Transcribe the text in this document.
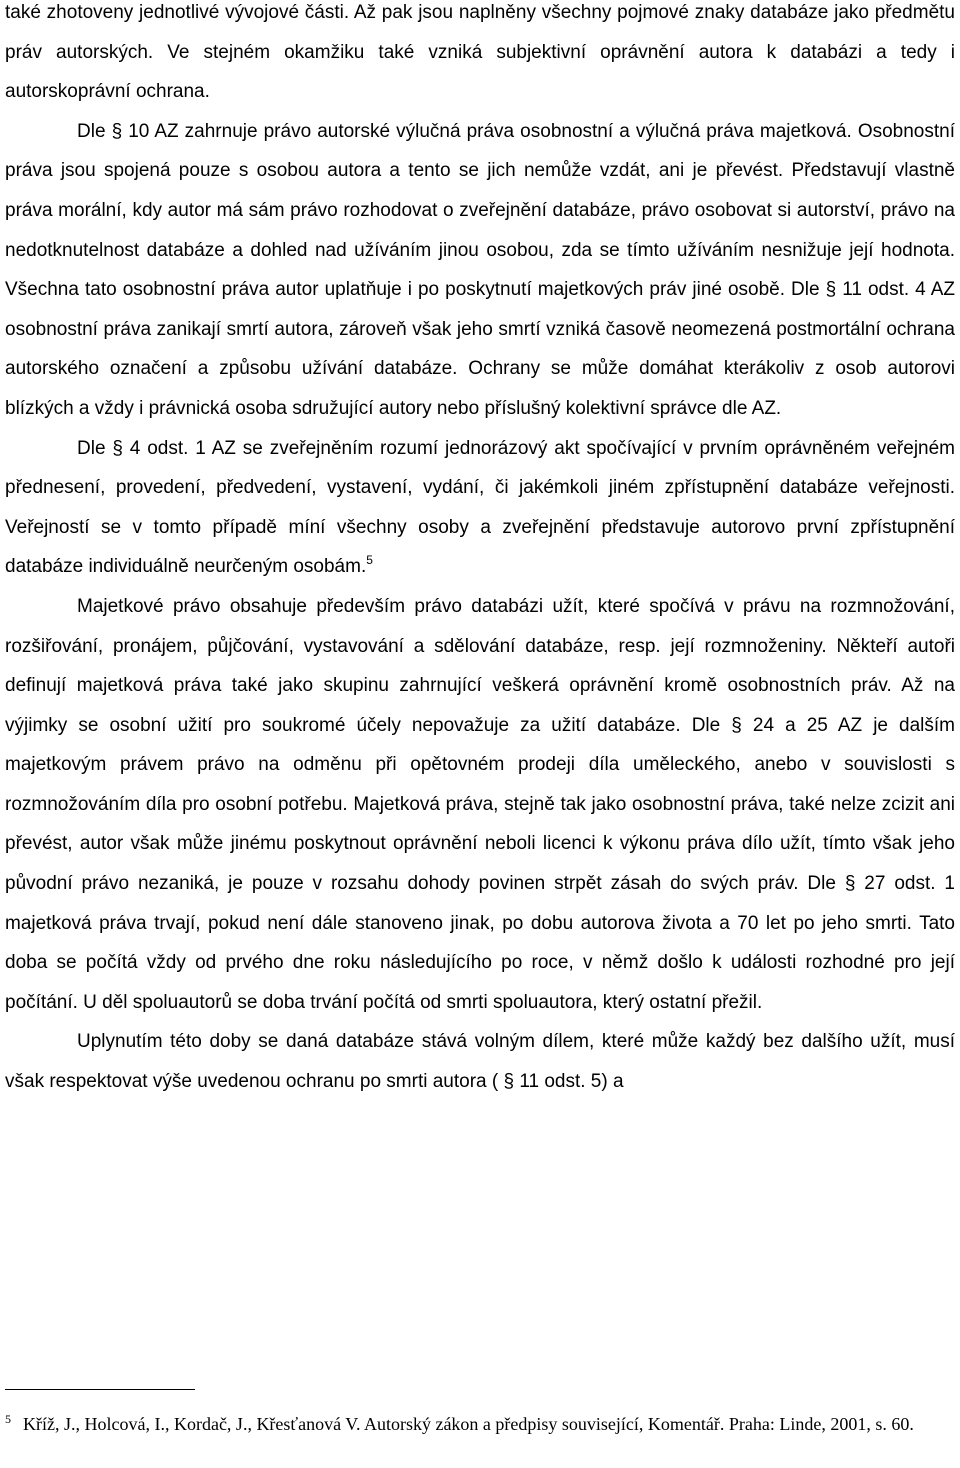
také zhotoveny jednotlivé vývojové části. Až pak jsou naplněny všechny pojmové znaky databáze jako předmětu práv autorských. Ve stejném okamžiku také vzniká subjektivní oprávnění autora k databázi a tedy i autorskoprávní ochrana.

Dle § 10 AZ zahrnuje právo autorské výlučná práva osobnostní a výlučná práva majetková. Osobnostní práva jsou spojená pouze s osobou autora a tento se jich nemůže vzdát, ani je převést. Představují vlastně práva morální, kdy autor má sám právo rozhodovat o zveřejnění databáze, právo osobovat si autorství, právo na nedotknutelnost databáze a dohled nad užíváním jinou osobou, zda se tímto užíváním nesnižuje její hodnota. Všechna tato osobnostní práva autor uplatňuje i po poskytnutí majetkových práv jiné osobě. Dle § 11 odst. 4 AZ osobnostní práva zanikají smrtí autora, zároveň však jeho smrtí vzniká časově neomezená postmortální ochrana autorského označení a způsobu užívání databáze. Ochrany se může domáhat kterákoliv z osob autorovi blízkých a vždy i právnická osoba sdružující autory nebo příslušný kolektivní správce dle AZ.

Dle § 4 odst. 1 AZ se zveřejněním rozumí jednorázový akt spočívající v prvním oprávněném veřejném přednesení, provedení, předvedení, vystavení, vydání, či jakémkoli jiném zpřístupnění databáze veřejnosti. Veřejností se v tomto případě míní všechny osoby a zveřejnění představuje autorovo první zpřístupnění databáze individuálně neurčeným osobám.$^5$

Majetkové právo obsahuje především právo databázi užít, které spočívá v právu na rozmnožování, rozšiřování, pronájem, půjčování, vystavování a sdělování databáze, resp. její rozmnoženiny. Někteří autoři definují majetková práva také jako skupinu zahrnující veškerá oprávnění kromě osobnostních práv. Až na výjimky se osobní užití pro soukromé účely nepovažuje za užití databáze. Dle § 24 a 25 AZ je dalším majetkovým právem právo na odměnu při opětovném prodeji díla uměleckého, anebo v souvislosti s rozmnožováním díla pro osobní potřebu. Majetková práva, stejně tak jako osobnostní práva, také nelze zcizit ani převést, autor však může jinému poskytnout oprávnění neboli licenci k výkonu práva dílo užít, tímto však jeho původní právo nezaniká, je pouze v rozsahu dohody povinen strpět zásah do svých práv. Dle § 27 odst. 1 majetková práva trvají, pokud není dále stanoveno jinak, po dobu autorova života a 70 let po jeho smrti. Tato doba se počítá vždy od prvého dne roku následujícího po roce, v němž došlo k události rozhodné pro její počítání. U děl spoluautorů se doba trvání počítá od smrti spoluautora, který ostatní přežil.

Uplynutím této doby se daná databáze stává volným dílem, které může každý bez dalšího užít, musí však respektovat výše uvedenou ochranu po smrti autora ( § 11 odst. 5) a

$^5$ Kříž, J., Holcová, I., Kordač, J., Křesťanová V. Autorský zákon a předpisy související, Komentář. Praha: Linde, 2001, s. 60.
